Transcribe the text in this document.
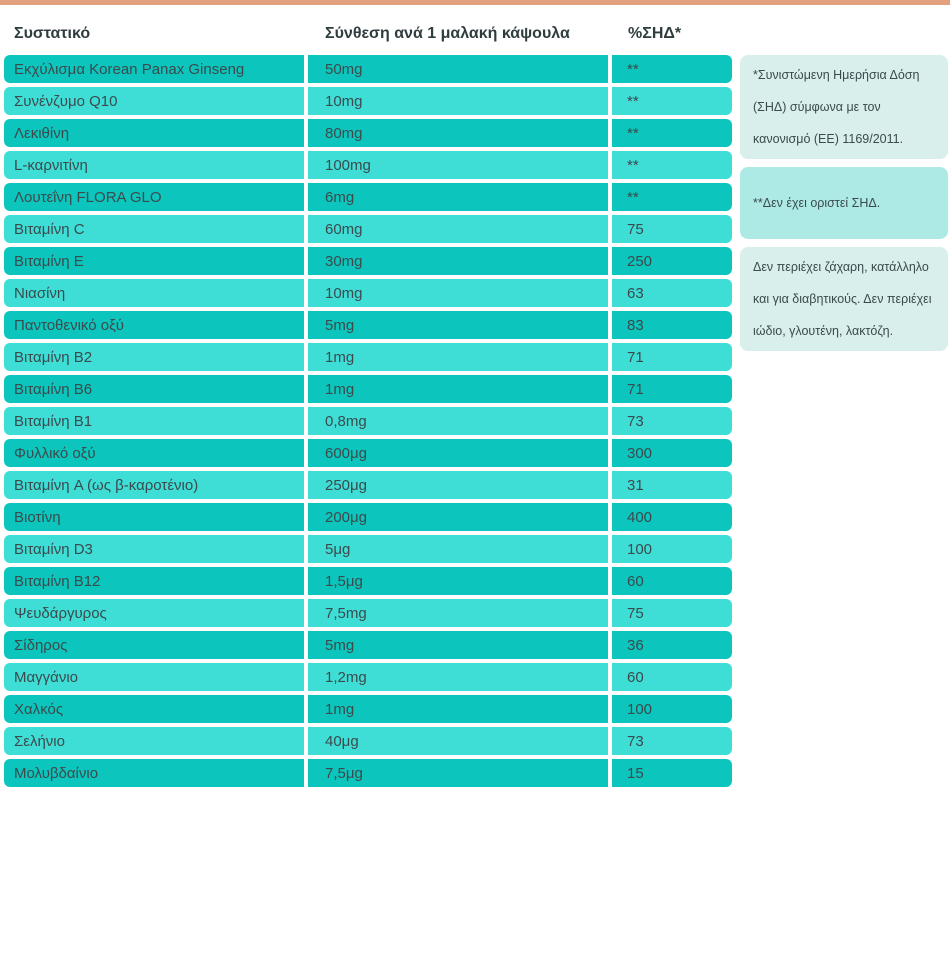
Συστατικό	Σύνθεση ανά 1 μαλακή κάψουλα	%ΣΗΔ*
Εκχύλισμα Korean Panax Ginseng	50mg	**
Συνένζυμο Q10	10mg	**
Λεκιθίνη	80mg	**
L-καρνιτίνη	100mg	**
Λουτεΐνη FLORA GLO	6mg	**
Βιταμίνη C	60mg	75
Βιταμίνη E	30mg	250
Νιασίνη	10mg	63
Παντοθενικό οξύ	5mg	83
Βιταμίνη B2	1mg	71
Βιταμίνη B6	1mg	71
Βιταμίνη B1	0,8mg	73
Φυλλικό οξύ	600μg	300
Βιταμίνη A (ως β-καροτένιο)	250μg	31
Βιοτίνη	200μg	400
Βιταμίνη D3	5μg	100
Βιταμίνη B12	1,5μg	60
Ψευδάργυρος	7,5mg	75
Σίδηρος	5mg	36
Μαγγάνιο	1,2mg	60
Χαλκός	1mg	100
Σελήνιο	40μg	73
Μολυβδαίνιο	7,5μg	15
*Συνιστώμενη Ημερήσια Δόση (ΣΗΔ) σύμφωνα με τον κανονισμό (ΕΕ) 1169/2011.
**Δεν έχει οριστεί ΣΗΔ.
Δεν περιέχει ζάχαρη, κατάλληλο και για διαβητικούς. Δεν περιέχει ιώδιο, γλουτένη, λακτόζη.
